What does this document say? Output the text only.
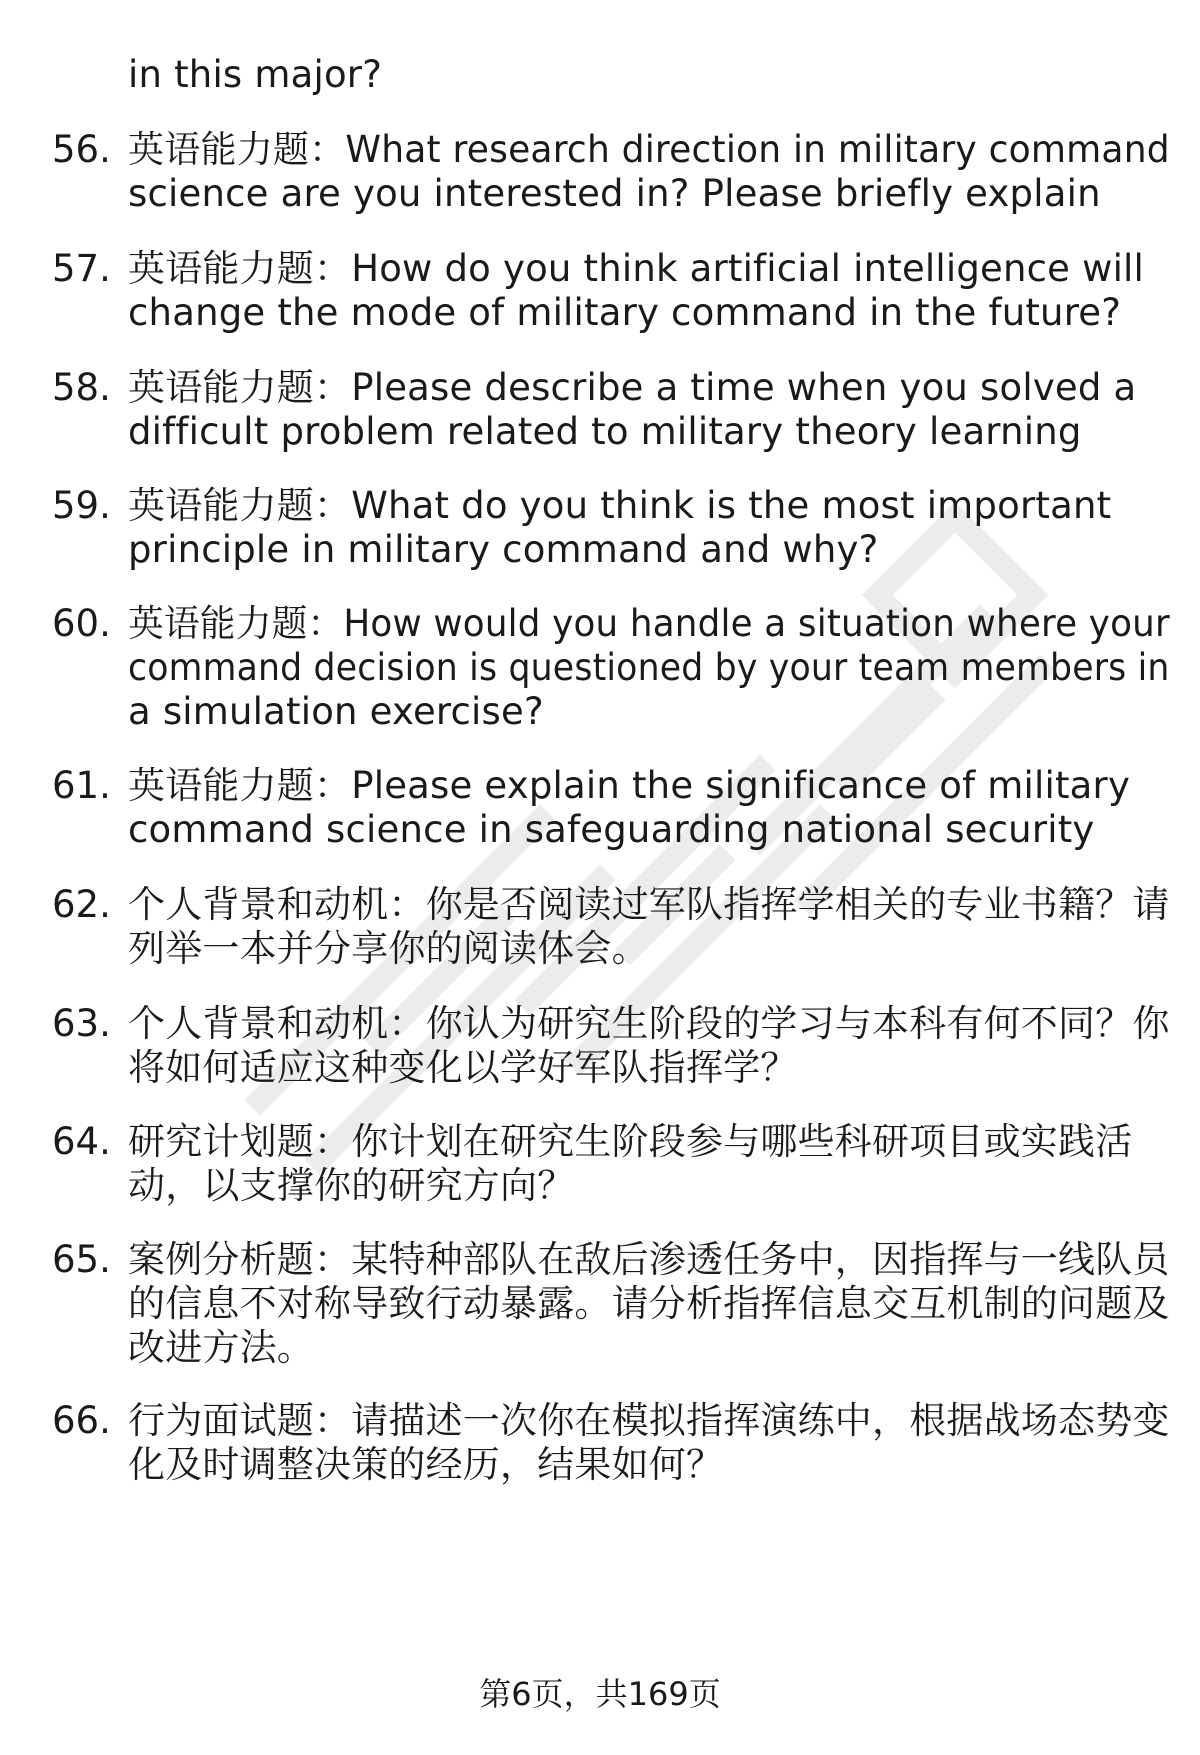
in this major?
56. 英语能力题：What research direction in military command
science are you interested in? Please briefly explain
57. 英语能力题：How do you think artificial intelligence will
change the mode of military command in the future?
58. 英语能力题：Please describe a time when you solved a
difficult problem related to military theory learning
59. 英语能力题：What do you think is the most important
principle in military command and why?
60. 英语能力题：How would you handle a situation where your
command decision is questioned by your team members in
a simulation exercise?
61. 英语能力题：Please explain the significance of military
command science in safeguarding national security
62. 个人背景和动机：你是否阅读过军队指挥学相关的专业书籍？请
列举一本并分享你的阅读体会。
63. 个人背景和动机：你认为研究生阶段的学习与本科有何不同？你
将如何适应这种变化以学好军队指挥学？
64. 研究计划题：你计划在研究生阶段参与哪些科研项目或实践活
动，以支撑你的研究方向？
65. 案例分析题：某特种部队在敌后渗透任务中，因指挥与一线队员
的信息不对称导致行动暴露。请分析指挥信息交互机制的问题及
改进方法。
66. 行为面试题：请描述一次你在模拟指挥演练中，根据战场态势变
化及时调整决策的经历，结果如何？
第6页，共169页
